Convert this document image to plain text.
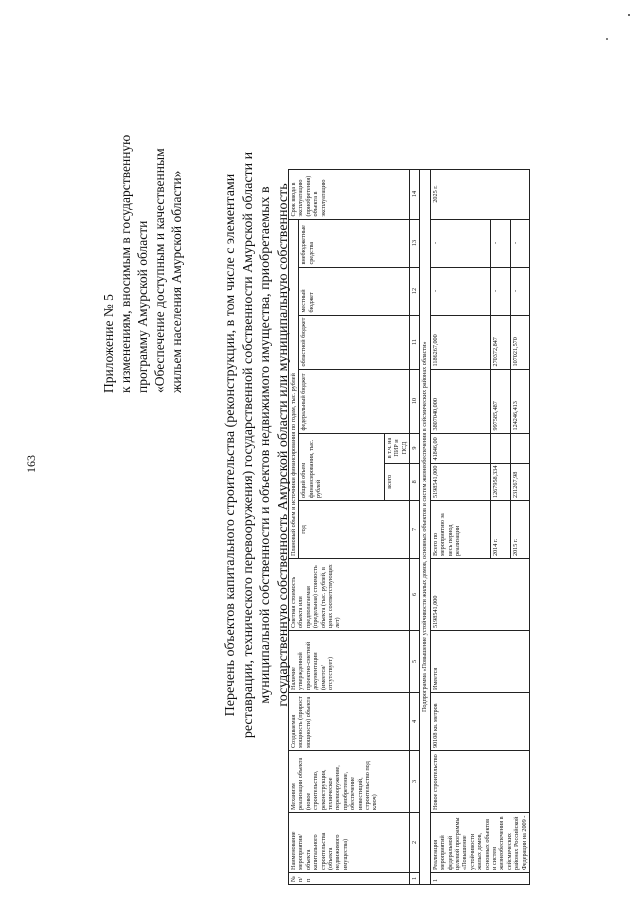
163
Приложение № 5 к изменениям, вносимым в государственную программу Амурской области «Обеспечение доступным и качественным жильем населения Амурской области»	Перечень объектов капитального строительства (реконструкции, в том числе с элементами реставрации, технического перевооружения) государственной собственности Амурской области и муниципальной собственности и объектов недвижимого имущества, приобретаемых в государственную собственность Амурской области или муниципальную собственность
№ п/п	Наименование мероприятия/объекта капитального строительства (объекта недвижимого имущества)	Механизм реализации объекта (новое строительство, реконструкция, техническое перевооружение, приобретение, обеспечение инвестиций, строительство под ключ)	Создаваемая мощность (прирост мощности) объекта	Наличие утвержденной проектно-сметной документации (имеется/отсутствует)	Сметная стоимость объекта или предполагаемая (предельная) стоимость объекта (тыс. рублей, в ценах соответствующих лет)	Плановый объем и источники финансирования по годам, тыс. рублей							Срок ввода в эксплуатацию (приобретения) объекта в эксплуатацию
						год	общий объем финансирования, тыс. рублей		федеральный бюджет	областной бюджет	местный бюджет	внебюджетные средства	
							всего	в т.ч. на ПИР и ПСД					
1	2	3	4	5	6	7	8	9	10	11	12	13	14
Подпрограмма «Повышение устойчивости жилых домов, основных объектов и систем жизнеобеспечения в сейсмических районах области»													
1	Реализация мероприятий федеральной целевой программы «Повышение устойчивости жилых домов, основных объектов и систем жизнеобеспечения в сейсмических районах Российской Федерации на 2009 -	Новое строительство	90108 кв. метров	Имеется	5198541,000	Всего по мероприятию за весь период реализации	5198541,000	41846,00	3807040,000	1186267,000	-	-	2025 г.
						2014 г.	1267958,334		997585,487	270372,847	-	-	
						2015 г.	231267,98		124246,413	107021,570	-	-	
